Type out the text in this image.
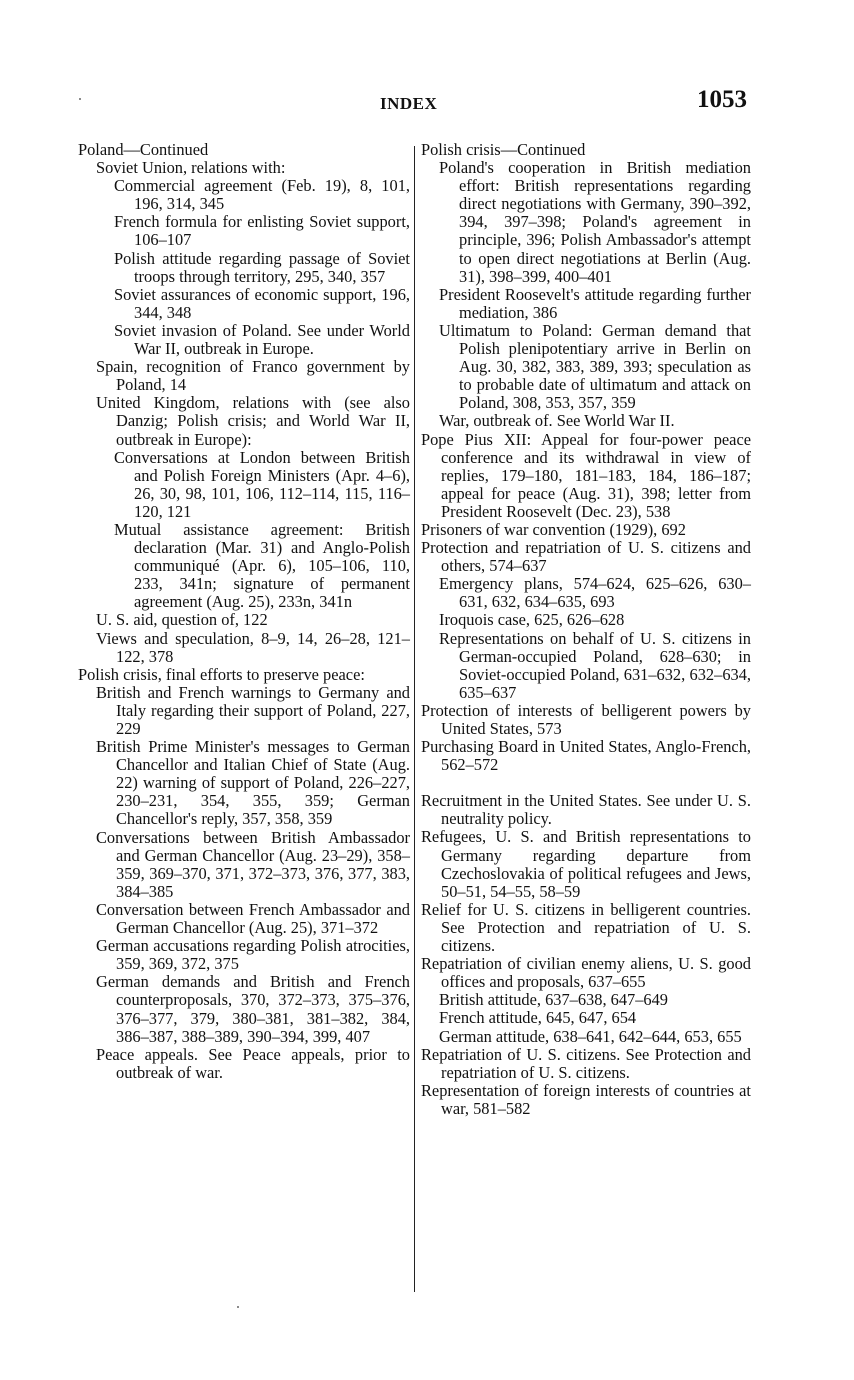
INDEX	1053
Poland—Continued
Soviet Union, relations with:
Commercial agreement (Feb. 19), 8, 101, 196, 314, 345
French formula for enlisting Soviet support, 106–107
Polish attitude regarding passage of Soviet troops through territory, 295, 340, 357
Soviet assurances of economic support, 196, 344, 348
Soviet invasion of Poland. See under World War II, outbreak in Europe.
Spain, recognition of Franco government by Poland, 14
United Kingdom, relations with (see also Danzig; Polish crisis; and World War II, outbreak in Europe):
Conversations at London between British and Polish Foreign Ministers (Apr. 4–6), 26, 30, 98, 101, 106, 112–114, 115, 116–120, 121
Mutual assistance agreement: British declaration (Mar. 31) and Anglo-Polish communiqué (Apr. 6), 105–106, 110, 233, 341n; signature of permanent agreement (Aug. 25), 233n, 341n
U. S. aid, question of, 122
Views and speculation, 8–9, 14, 26–28, 121–122, 378
Polish crisis, final efforts to preserve peace:
British and French warnings to Germany and Italy regarding their support of Poland, 227, 229
British Prime Minister's messages to German Chancellor and Italian Chief of State (Aug. 22) warning of support of Poland, 226–227, 230–231, 354, 355, 359; German Chancellor's reply, 357, 358, 359
Conversations between British Ambassador and German Chancellor (Aug. 23–29), 358–359, 369–370, 371, 372–373, 376, 377, 383, 384–385
Conversation between French Ambassador and German Chancellor (Aug. 25), 371–372
German accusations regarding Polish atrocities, 359, 369, 372, 375
German demands and British and French counterproposals, 370, 372–373, 375–376, 376–377, 379, 380–381, 381–382, 384, 386–387, 388–389, 390–394, 399, 407
Peace appeals. See Peace appeals, prior to outbreak of war.
Polish crisis—Continued
Poland's cooperation in British mediation effort: British representations regarding direct negotiations with Germany, 390–392, 394, 397–398; Poland's agreement in principle, 396; Polish Ambassador's attempt to open direct negotiations at Berlin (Aug. 31), 398–399, 400–401
President Roosevelt's attitude regarding further mediation, 386
Ultimatum to Poland: German demand that Polish plenipotentiary arrive in Berlin on Aug. 30, 382, 383, 389, 393; speculation as to probable date of ultimatum and attack on Poland, 308, 353, 357, 359
War, outbreak of. See World War II.
Pope Pius XII: Appeal for four-power peace conference and its withdrawal in view of replies, 179–180, 181–183, 184, 186–187; appeal for peace (Aug. 31), 398; letter from President Roosevelt (Dec. 23), 538
Prisoners of war convention (1929), 692
Protection and repatriation of U. S. citizens and others, 574–637
Emergency plans, 574–624, 625–626, 630–631, 632, 634–635, 693
Iroquois case, 625, 626–628
Representations on behalf of U. S. citizens in German-occupied Poland, 628–630; in Soviet-occupied Poland, 631–632, 632–634, 635–637
Protection of interests of belligerent powers by United States, 573
Purchasing Board in United States, Anglo-French, 562–572
Recruitment in the United States. See under U. S. neutrality policy.
Refugees, U. S. and British representations to Germany regarding departure from Czechoslovakia of political refugees and Jews, 50–51, 54–55, 58–59
Relief for U. S. citizens in belligerent countries. See Protection and repatriation of U. S. citizens.
Repatriation of civilian enemy aliens, U. S. good offices and proposals, 637–655
British attitude, 637–638, 647–649
French attitude, 645, 647, 654
German attitude, 638–641, 642–644, 653, 655
Repatriation of U. S. citizens. See Protection and repatriation of U. S. citizens.
Representation of foreign interests of countries at war, 581–582
